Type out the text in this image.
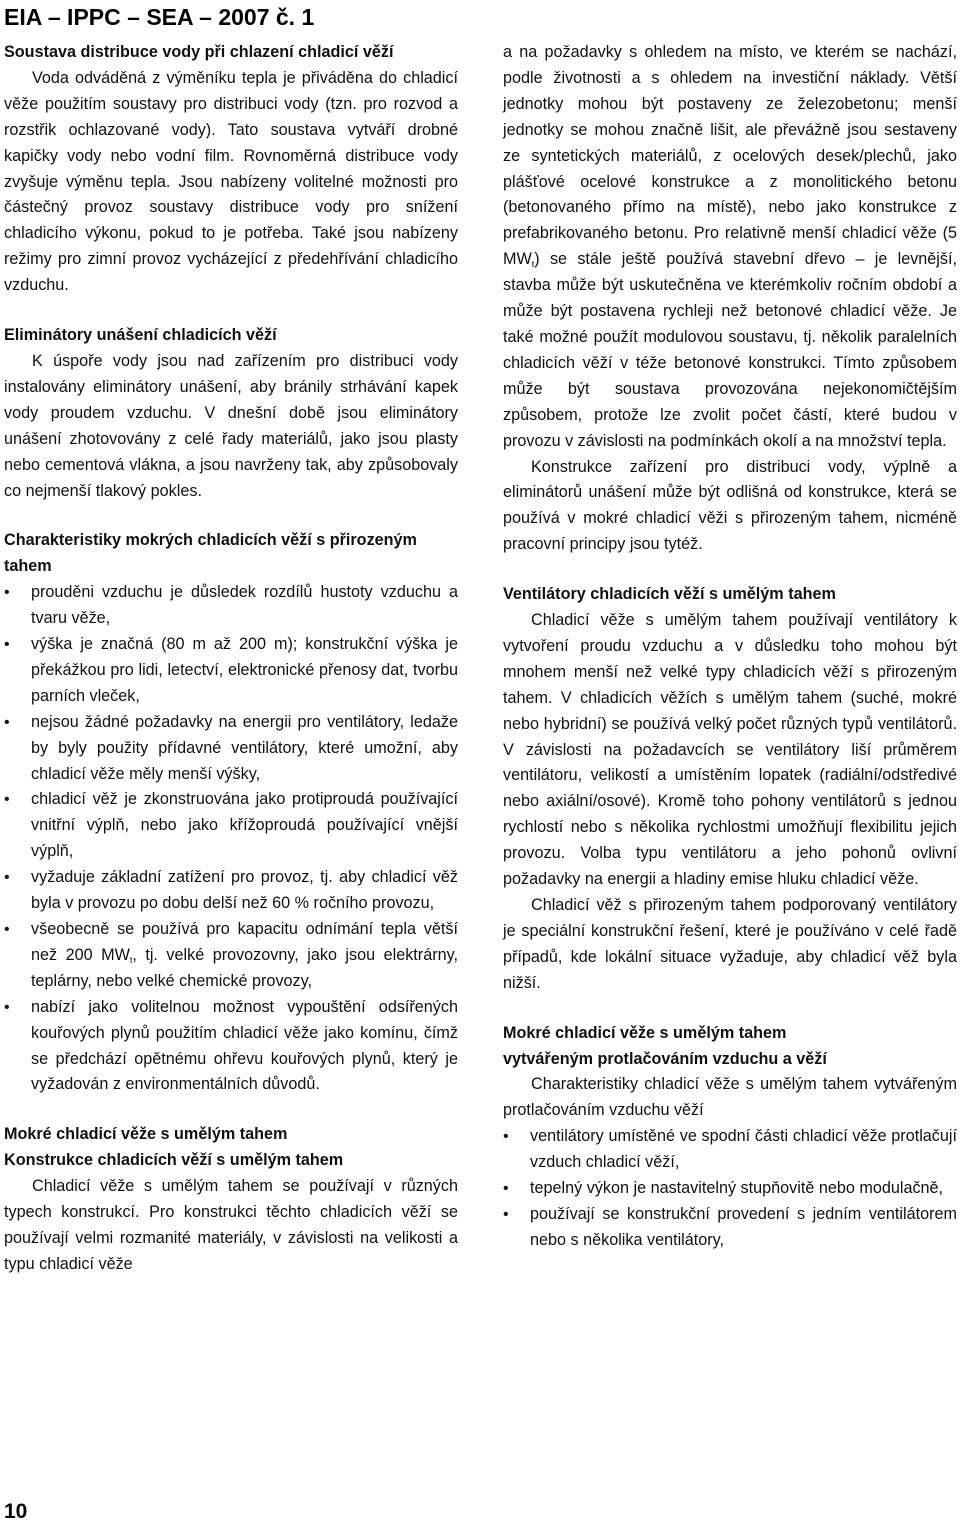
EIA – IPPC – SEA – 2007 č. 1
Soustava distribuce vody při chlazení chladicí věží

Voda odváděná z výměníku tepla je přiváděna do chladicí věže použitím soustavy pro distribuci vody (tzn. pro rozvod a rozstřik ochlazované vody). Tato soustava vytváří drobné kapičky vody nebo vodní film. Rovnoměrná distribuce vody zvyšuje výměnu tepla. Jsou nabízeny volitelné možnosti pro částečný provoz soustavy distribuce vody pro snížení chladicího výkonu, pokud to je potřeba. Také jsou nabízeny režimy pro zimní provoz vycházející z předehřívání chladicího vzduchu.

Eliminátory unášení chladicích věží

K úspoře vody jsou nad zařízením pro distribuci vody instalovány eliminátory unášení, aby bránily strhávání kapek vody proudem vzduchu. V dnešní době jsou eliminátory unášení zhotovovány z celé řady materiálů, jako jsou plasty nebo cementová vlákna, a jsou navrženy tak, aby způsobovaly co nejmenší tlakový pokles.

Charakteristiky mokrých chladicích věží s přirozeným tahem
• prouděni vzduchu je důsledek rozdílů hustoty vzduchu a tvaru věže,
• výška je značná (80 m až 200 m); konstrukční výška je překážkou pro lidi, letectví, elektronické přenosy dat, tvorbu parních vleček,
• nejsou žádné požadavky na energii pro ventilátory, ledaže by byly použity přídavné ventilátory, které umožní, aby chladicí věže měly menší výšky,
• chladicí věž je zkonstruována jako protiproudá používající vnitřní výplň, nebo jako křížoproudá používající vnější výplň,
• vyžaduje základní zatížení pro provoz, tj. aby chladicí věž byla v provozu po dobu delší než 60 % ročního provozu,
• všeobecně se používá pro kapacitu odnímání tepla větší než 200 $MW_t$, tj. velké provozovny, jako jsou elektrárny, teplárny, nebo velké chemické provozy,
• nabízí jako volitelnou možnost vypouštění odsířených kouřových plynů použitím chladicí věže jako komínu, čímž se předchází opětnému ohřevu kouřových plynů, který je vyžadován z environmentálních důvodů.
Mokré chladicí věže s umělým tahem
Konstrukce chladicích věží s umělým tahem

Chladicí věže s umělým tahem se používají v různých typech konstrukcí. Pro konstrukci těchto chladicích věží se používají velmi rozmanité materiály, v závislosti na velikosti a typu chladicí věže

a na požadavky s ohledem na místo, ve kterém se nachází, podle životnosti a s ohledem na investiční náklady. Větší jednotky mohou být postaveny ze železobetonu; menší jednotky se mohou značně lišit, ale převážně jsou sestaveny ze syntetických materiálů, z ocelových desek/plechů, jako plášťové ocelové konstrukce a z monolitického betonu (betonovaného přímo na místě), nebo jako konstrukce z prefabrikovaného betonu. Pro relativně menší chladicí věže (5 $MW_t$) se stále ještě používá stavební dřevo – je levnější, stavba může být uskutečněna ve kterémkoliv ročním období a může být postavena rychleji než betonové chladicí věže. Je také možné použít modulovou soustavu, tj. několik paralelních chladicích věží v téže betonové konstrukci. Tímto způsobem může být soustava provozována nejekonomičtějším způsobem, protože lze zvolit počet částí, které budou v provozu v závislosti na podmínkách okolí a na množství tepla.

Konstrukce zařízení pro distribuci vody, výplně a eliminátorů unášení může být odlišná od konstrukce, která se používá v mokré chladicí věži s přirozeným tahem, nicméně pracovní principy jsou tytéž.

Ventilátory chladicích věží s umělým tahem

Chladicí věže s umělým tahem používají ventilátory k vytvoření proudu vzduchu a v důsledku toho mohou být mnohem menší než velké typy chladicích věží s přirozeným tahem. V chladicích věžích s umělým tahem (suché, mokré nebo hybridní) se používá velký počet různých typů ventilátorů. V závislosti na požadavcích se ventilátory liší průměrem ventilátoru, velikostí a umístěním lopatek (radiální/odstředivé nebo axiální/osové). Kromě toho pohony ventilátorů s jednou rychlostí nebo s několika rychlostmi umožňují flexibilitu jejich provozu. Volba typu ventilátoru a jeho pohonů ovlivní požadavky na energii a hladiny emise hluku chladicí věže.

Chladicí věž s přirozeným tahem podporovaný ventilátory je speciální konstrukční řešení, které je používáno v celé řadě případů, kde lokální situace vyžaduje, aby chladicí věž byla nižší.

Mokré chladicí věže s umělým tahem
vytvářeným protlačováním vzduchu a věží

Charakteristiky chladicí věže s umělým tahem vytvářeným protlačováním vzduchu věží

• ventilátory umístěné ve spodní části chladicí věže protlačují vzduch chladicí věží,
• tepelný výkon je nastavitelný stupňovitě nebo modulačně,
• používají se konstrukční provedení s jedním ventilátorem nebo s několika ventilátory,
10
